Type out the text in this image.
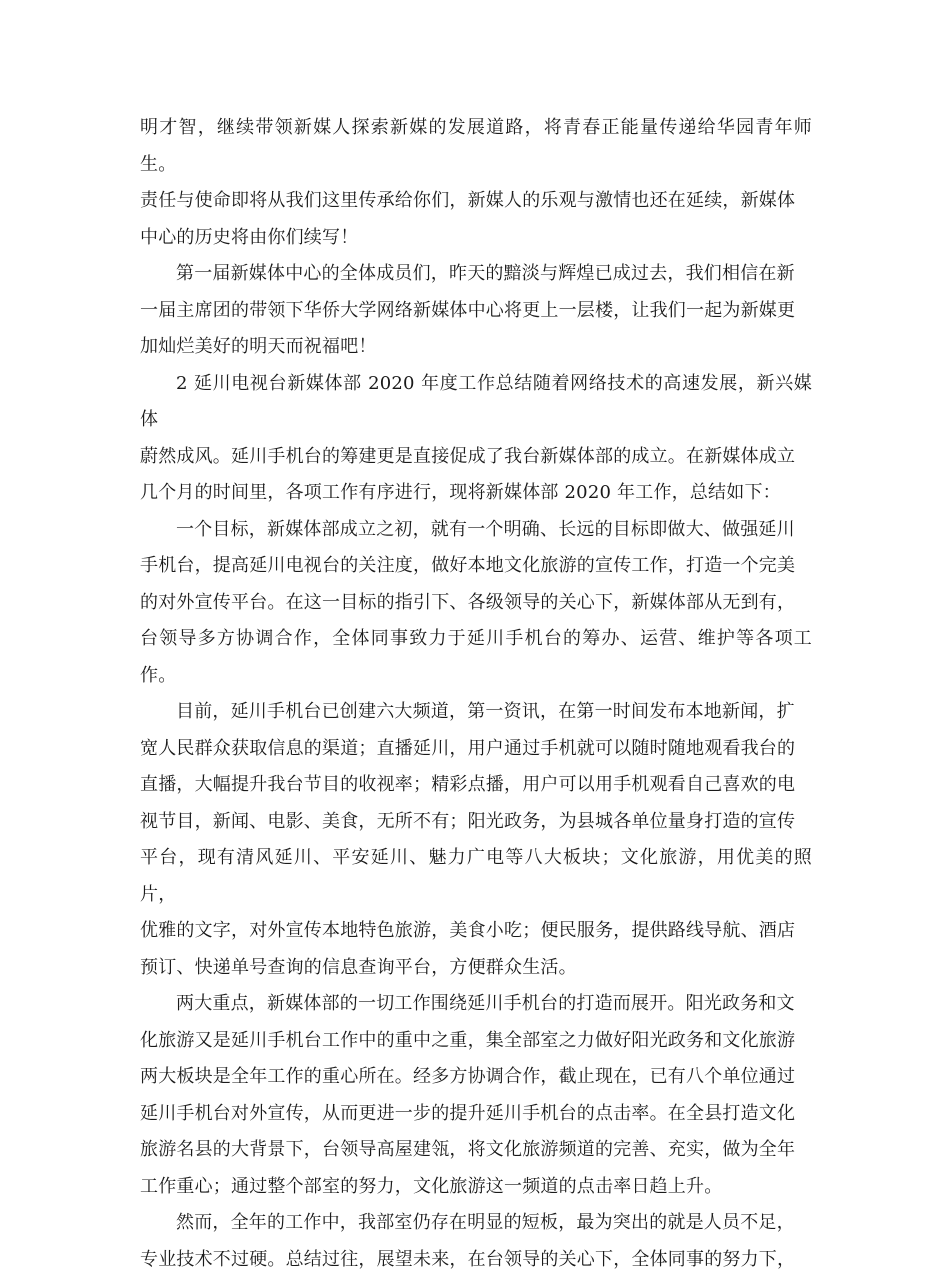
明才智，继续带领新媒人探索新媒的发展道路，将青春正能量传递给华园青年师生。
责任与使命即将从我们这里传承给你们，新媒人的乐观与激情也还在延续，新媒体
中心的历史将由你们续写！

第一届新媒体中心的全体成员们，昨天的黯淡与辉煌已成过去，我们相信在新
一届主席团的带领下华侨大学网络新媒体中心将更上一层楼，让我们一起为新媒更
加灿烂美好的明天而祝福吧！

2 延川电视台新媒体部 2020 年度工作总结随着网络技术的高速发展，新兴媒体
蔚然成风。延川手机台的筹建更是直接促成了我台新媒体部的成立。在新媒体成立
几个月的时间里，各项工作有序进行，现将新媒体部 2020 年工作，总结如下：

一个目标，新媒体部成立之初，就有一个明确、长远的目标即做大、做强延川
手机台，提高延川电视台的关注度，做好本地文化旅游的宣传工作，打造一个完美
的对外宣传平台。在这一目标的指引下、各级领导的关心下，新媒体部从无到有，
台领导多方协调合作，全体同事致力于延川手机台的筹办、运营、维护等各项工作。

目前，延川手机台已创建六大频道，第一资讯，在第一时间发布本地新闻，扩
宽人民群众获取信息的渠道；直播延川，用户通过手机就可以随时随地观看我台的
直播，大幅提升我台节目的收视率；精彩点播，用户可以用手机观看自己喜欢的电
视节目，新闻、电影、美食，无所不有；阳光政务，为县城各单位量身打造的宣传
平台，现有清风延川、平安延川、魅力广电等八大板块；文化旅游，用优美的照片，
优雅的文字，对外宣传本地特色旅游，美食小吃；便民服务，提供路线导航、酒店
预订、快递单号查询的信息查询平台，方便群众生活。

两大重点，新媒体部的一切工作围绕延川手机台的打造而展开。阳光政务和文
化旅游又是延川手机台工作中的重中之重，集全部室之力做好阳光政务和文化旅游
两大板块是全年工作的重心所在。经多方协调合作，截止现在，已有八个单位通过
延川手机台对外宣传，从而更进一步的提升延川手机台的点击率。在全县打造文化
旅游名县的大背景下，台领导高屋建瓴，将文化旅游频道的完善、充实，做为全年
工作重心；通过整个部室的努力，文化旅游这一频道的点击率日趋上升。

然而，全年的工作中，我部室仍存在明显的短板，最为突出的就是人员不足，
专业技术不过硬。总结过往，展望未来，在台领导的关心下，全体同事的努力下，
